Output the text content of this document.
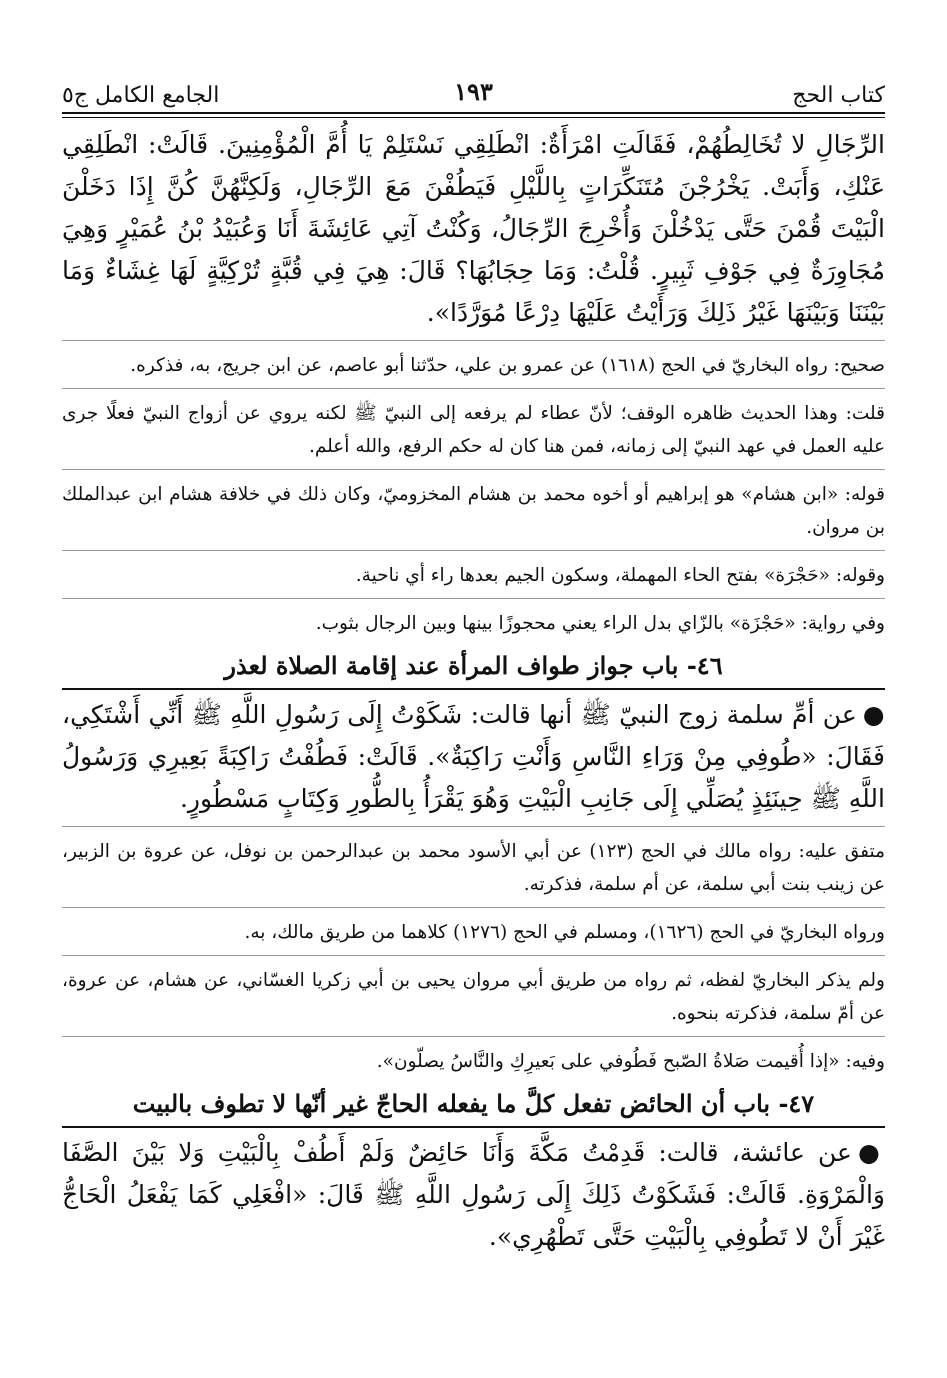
كتاب الحج
١٩٣
الجامع الكامل ج٥

الرِّجَالِ لا تُخَالِطُهُمْ، فَقَالَتِ امْرَأَةٌ: انْطَلِقِي نَسْتَلِمْ يَا أُمَّ الْمُؤْمِنِينَ. قَالَتْ: انْطَلِقِي عَنْكِ، وَأَبَتْ. يَخْرُجْنَ مُتَنَكِّرَاتٍ بِاللَّيْلِ فَيَطُفْنَ مَعَ الرِّجَالِ، وَلَكِنَّهُنَّ كُنَّ إِذَا دَخَلْنَ الْبَيْتَ قُمْنَ حَتَّى يَدْخُلْنَ وَأُخْرِجَ الرِّجَالُ، وَكُنْتُ آتِي عَائِشَةَ أَنَا وَعُبَيْدُ بْنُ عُمَيْرٍ وَهِيَ مُجَاوِرَةٌ فِي جَوْفِ ثَبِيرٍ. قُلْتُ: وَمَا حِجَابُهَا؟ قَالَ: هِيَ فِي قُبَّةٍ تُرْكِيَّةٍ لَهَا غِشَاءٌ وَمَا بَيْنَنَا وَبَيْنَهَا غَيْرُ ذَلِكَ وَرَأَيْتُ عَلَيْهَا دِرْعًا مُوَرَّدًا».

صحيح: رواه البخاريّ في الحج (١٦١٨) عن عمرو بن علي، حدّثنا أبو عاصم، عن ابن جريج، به، فذكره.

قلت: وهذا الحديث ظاهره الوقف؛ لأنّ عطاء لم يرفعه إلى النبيّ ﷺ لكنه يروي عن أزواج النبيّ فعلًا جرى عليه العمل في عهد النبيّ إلى زمانه، فمن هنا كان له حكم الرفع، والله أعلم.

قوله: «ابن هشام» هو إبراهيم أو أخوه محمد بن هشام المخزوميّ، وكان ذلك في خلافة هشام ابن عبدالملك بن مروان.

وقوله: «حَجْرَة» بفتح الحاء المهملة، وسكون الجيم بعدها راء أي ناحية.

وفي رواية: «حَجْزَة» بالزّاي بدل الراء يعني محجوزًا بينها وبين الرجال بثوب.

٤٦- باب جواز طواف المرأة عند إقامة الصلاة لعذر

●عن أمِّ سلمة زوج النبيّ ﷺ أنها قالت: شَكَوْتُ إِلَى رَسُولِ اللَّهِ ﷺ أَنِّي أَشْتَكِي، فَقَالَ: «طُوفِي مِنْ وَرَاءِ النَّاسِ وَأَنْتِ رَاكِبَةٌ». قَالَتْ: فَطُفْتُ رَاكِبَةً بَعِيرِي وَرَسُولُ اللَّهِ ﷺ حِينَئِذٍ يُصَلِّي إِلَى جَانِبِ الْبَيْتِ وَهُوَ يَقْرَأُ بِالطُّورِ وَكِتَابٍ مَسْطُورٍ.

متفق عليه: رواه مالك في الحج (١٢٣) عن أبي الأسود محمد بن عبدالرحمن بن نوفل، عن عروة بن الزبير، عن زينب بنت أبي سلمة، عن أم سلمة، فذكرته.

ورواه البخاريّ في الحج (١٦٢٦)، ومسلم في الحج (١٢٧٦) كلاهما من طريق مالك، به.

ولم يذكر البخاريّ لفظه، ثم رواه من طريق أبي مروان يحيى بن أبي زكريا الغسّاني، عن هشام، عن عروة، عن أمّ سلمة، فذكرته بنحوه.

وفيه: «إذا أُقيمت صَلاةُ الصّبح فَطُوفي على بَعيرِكِ والنَّاسُ يصلّون».

٤٧- باب أن الحائض تفعل كلَّ ما يفعله الحاجّ غير أنّها لا تطوف بالبيت

●عن عائشة، قالت: قَدِمْتُ مَكَّةَ وَأَنَا حَائِضٌ وَلَمْ أَطُفْ بِالْبَيْتِ وَلا بَيْنَ الصَّفَا وَالْمَرْوَةِ. قَالَتْ: فَشَكَوْتُ ذَلِكَ إِلَى رَسُولِ اللَّهِ ﷺ قَالَ: «افْعَلِي كَمَا يَفْعَلُ الْحَاجُّ غَيْرَ أَنْ لا تَطُوفِي بِالْبَيْتِ حَتَّى تَطْهُرِي».
